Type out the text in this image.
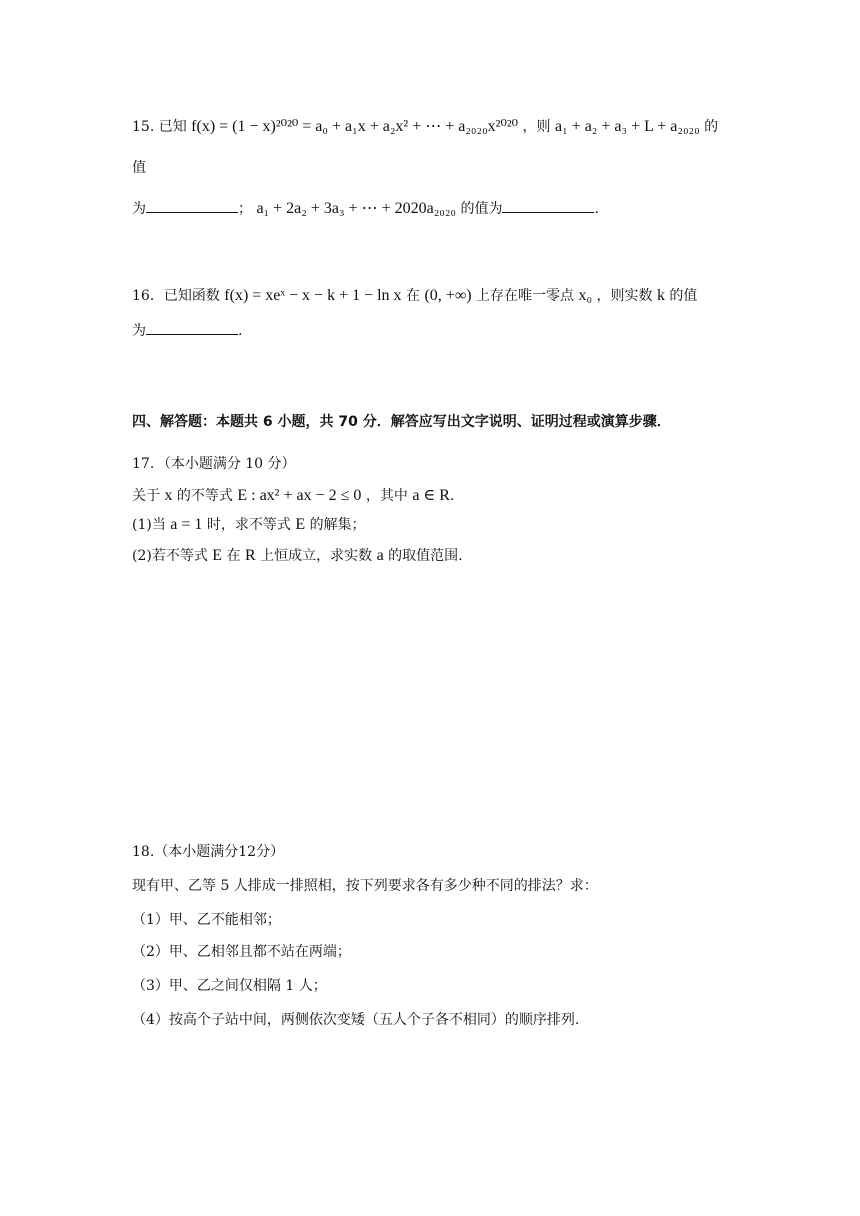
15. 已知 f(x) = (1 − x)²⁰²⁰ = a₀ + a₁x + a₂x² + ⋯ + a₂₀₂₀x²⁰²⁰ ，则 a₁ + a₂ + a₃ + L + a₂₀₂₀ 的
值
为	； a₁ + 2a₂ + 3a₃ + ⋯ + 2020a₂₀₂₀ 的值为	.
16．已知函数 f(x) = xeˣ − x − k + 1 − ln x 在 (0, +∞) 上存在唯一零点 x₀ ，则实数 k 的值
为	.
四、解答题：本题共 6 小题，共 70 分．解答应写出文字说明、证明过程或演算步骤．
17．（本小题满分 10 分）
关于 x 的不等式 E : ax² + ax − 2 ≤ 0 ，其中 a ∈ R.
(1)当 a = 1 时，求不等式 E 的解集；
(2)若不等式 E 在 R 上恒成立，求实数 a 的取值范围.
18.（本小题满分12分）
现有甲、乙等 5 人排成一排照相，按下列要求各有多少种不同的排法？求：
（1）甲、乙不能相邻；
（2）甲、乙相邻且都不站在两端；
（3）甲、乙之间仅相隔 1 人；
（4）按高个子站中间，两侧依次变矮（五人个子各不相同）的顺序排列.
